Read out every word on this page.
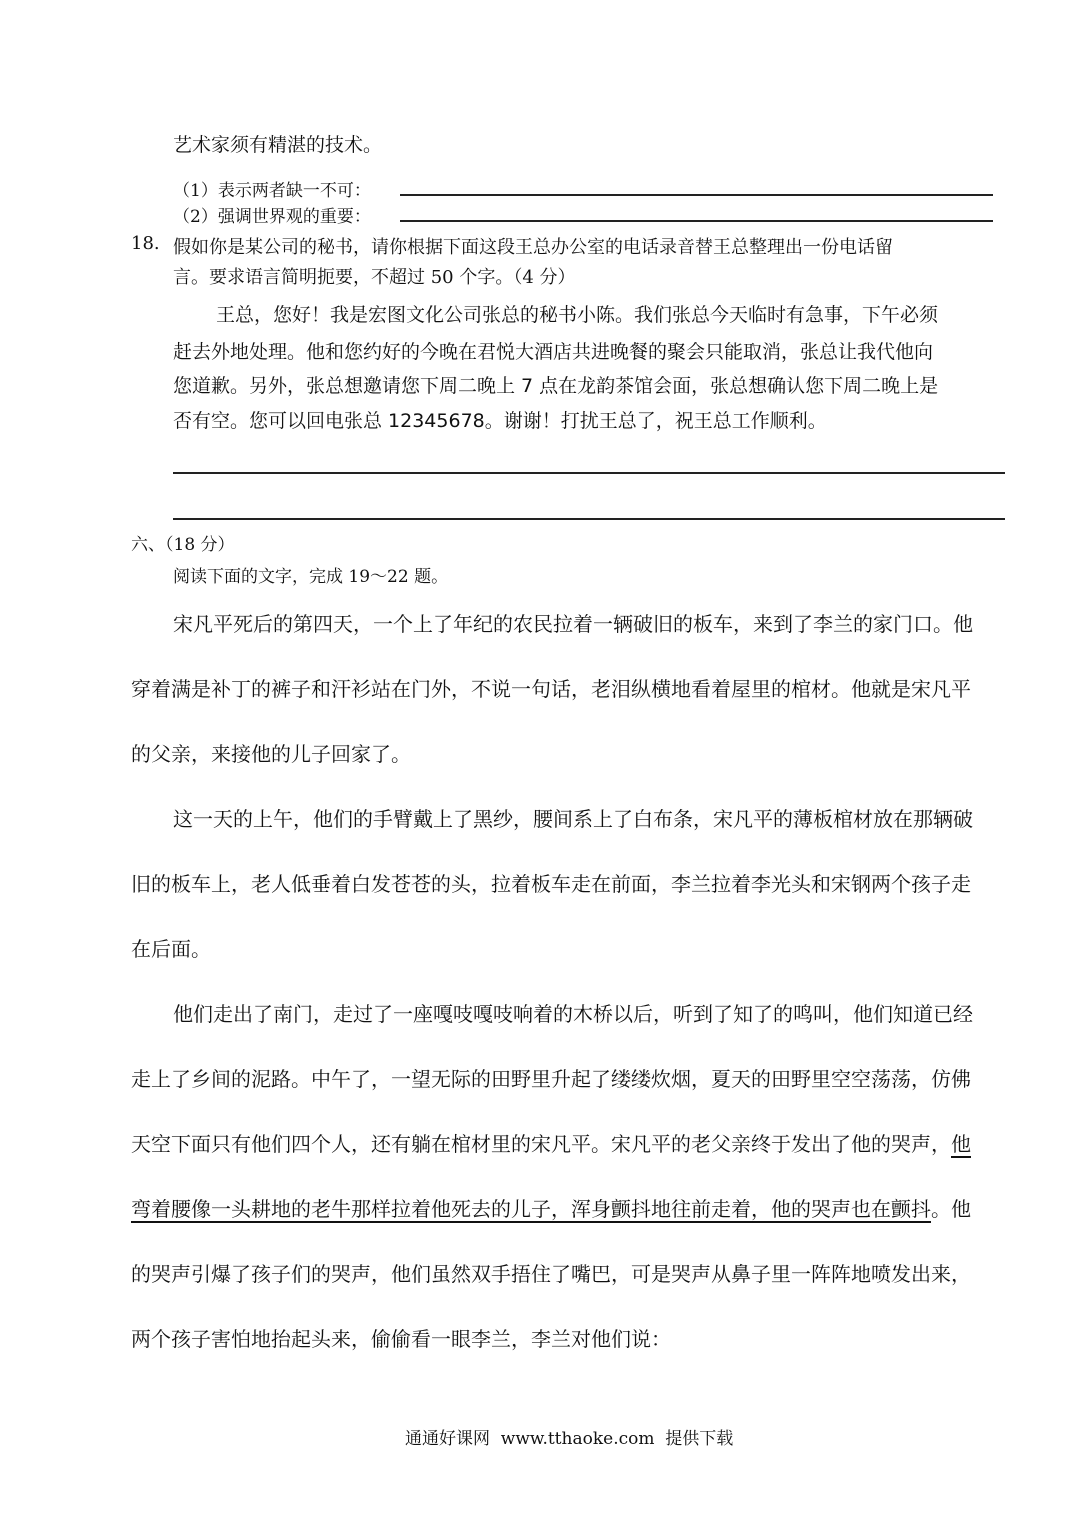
艺术家须有精湛的技术。
（1）表示两者缺一不可：
（2）强调世界观的重要：
18. 假如你是某公司的秘书，请你根据下面这段王总办公室的电话录音替王总整理出一份电话留
言。要求语言简明扼要，不超过 50 个字。（4 分）
王总，您好！我是宏图文化公司张总的秘书小陈。我们张总今天临时有急事，下午必须
赶去外地处理。他和您约好的今晚在君悦大酒店共进晚餐的聚会只能取消，张总让我代他向
您道歉。另外，张总想邀请您下周二晚上 7 点在龙韵茶馆会面，张总想确认您下周二晚上是
否有空。您可以回电张总 12345678。谢谢！打扰王总了，祝王总工作顺利。
六、（18 分）
阅读下面的文字，完成 19～22 题。
宋凡平死后的第四天，一个上了年纪的农民拉着一辆破旧的板车，来到了李兰的家门口。他
穿着满是补丁的裤子和汗衫站在门外，不说一句话，老泪纵横地看着屋里的棺材。他就是宋凡平
的父亲，来接他的儿子回家了。
这一天的上午，他们的手臂戴上了黑纱，腰间系上了白布条，宋凡平的薄板棺材放在那辆破
旧的板车上，老人低垂着白发苍苍的头，拉着板车走在前面，李兰拉着李光头和宋钢两个孩子走
在后面。
他们走出了南门，走过了一座嘎吱嘎吱响着的木桥以后，听到了知了的鸣叫，他们知道已经
走上了乡间的泥路。中午了，一望无际的田野里升起了缕缕炊烟，夏天的田野里空空荡荡，仿佛
天空下面只有他们四个人，还有躺在棺材里的宋凡平。宋凡平的老父亲终于发出了他的哭声，他
弯着腰像一头耕地的老牛那样拉着他死去的儿子，浑身颤抖地往前走着，他的哭声也在颤抖。他
的哭声引爆了孩子们的哭声，他们虽然双手捂住了嘴巴，可是哭声从鼻子里一阵阵地喷发出来，
两个孩子害怕地抬起头来，偷偷看一眼李兰，李兰对他们说：
通通好课网  www.tthaoke.com  提供下载
